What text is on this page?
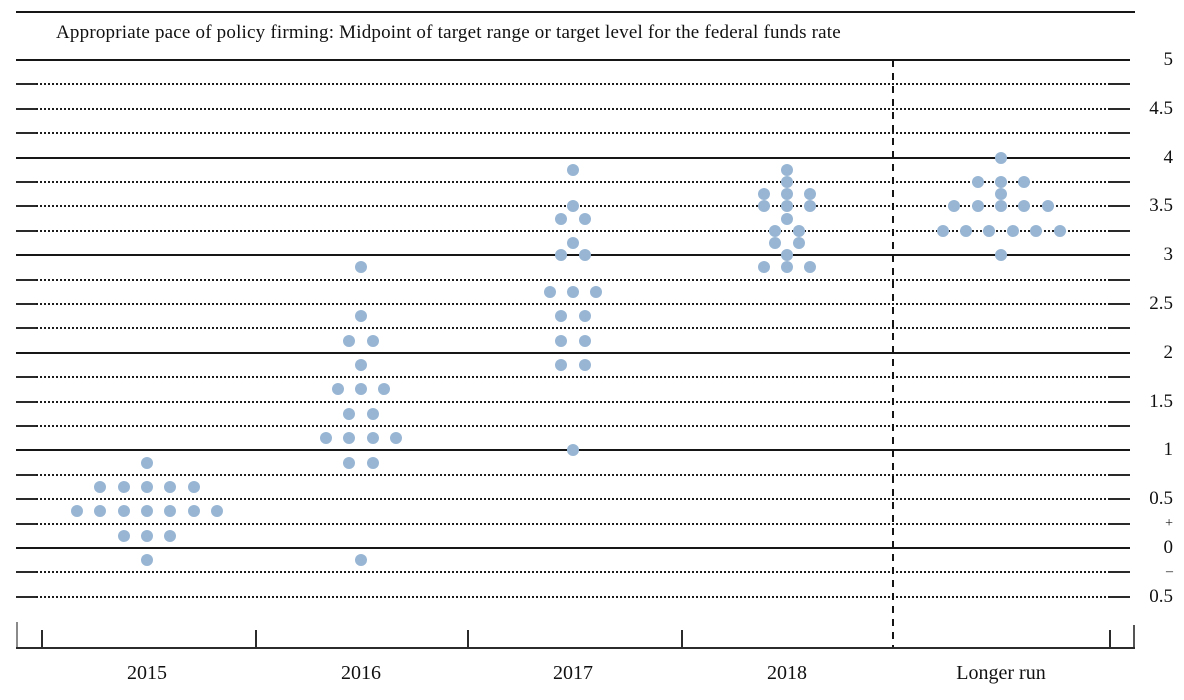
Appropriate pace of policy firming: Midpoint of target range or target level for the federal funds rate
5
4.5
4
3.5
3
2.5
2
1.5
1
0.5
+
0
–
0.5
2015	2016	2017	2018	Longer run
